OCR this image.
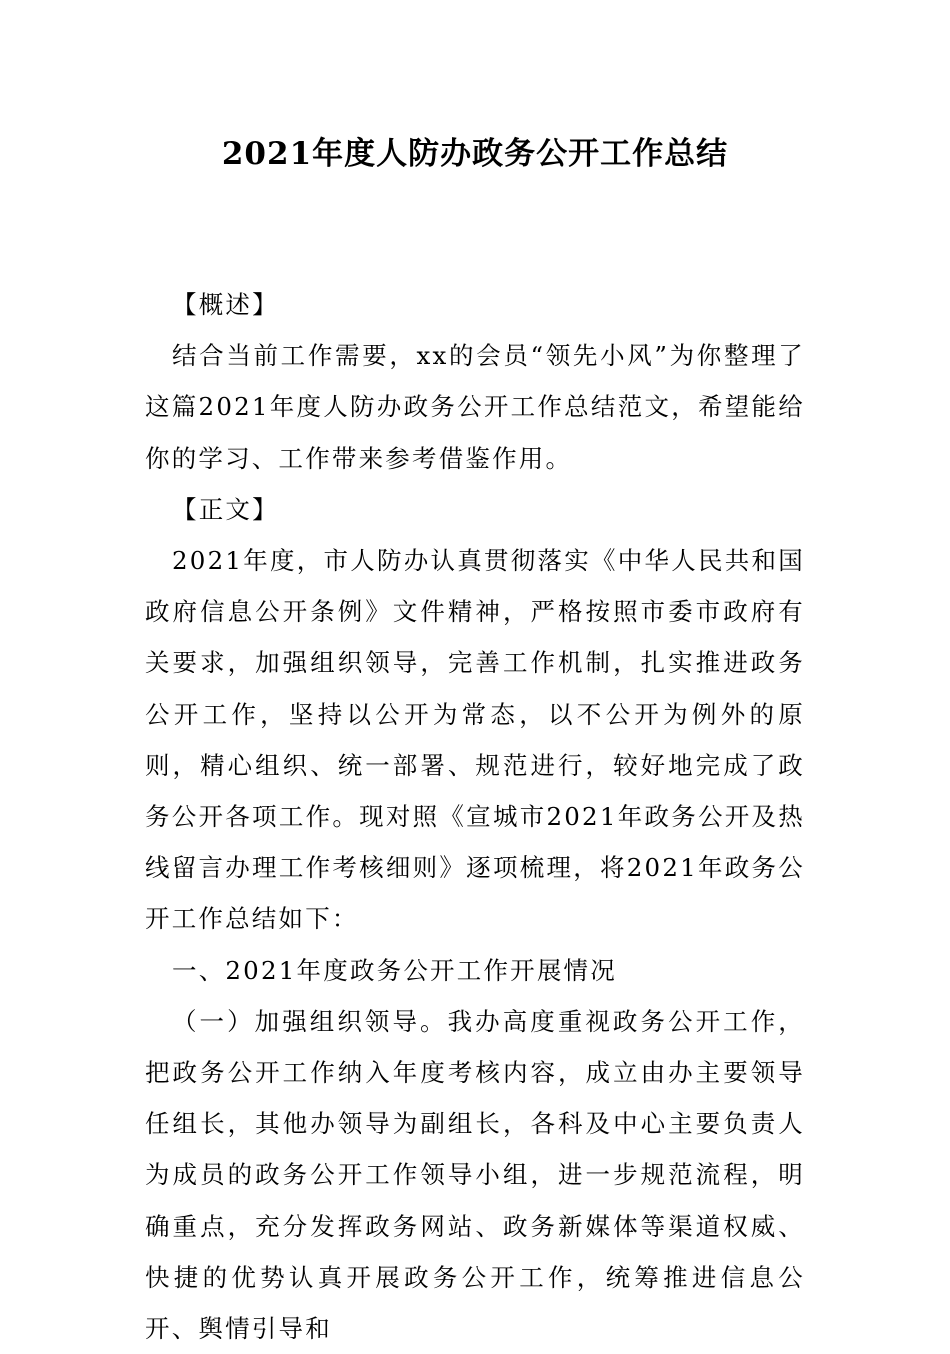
2021年度人防办政务公开工作总结

【概述】

结合当前工作需要，xx的会员“领先小风”为你整理了这篇2021年度人防办政务公开工作总结范文，希望能给你的学习、工作带来参考借鉴作用。

【正文】

2021年度，市人防办认真贯彻落实《中华人民共和国政府信息公开条例》文件精神，严格按照市委市政府有关要求，加强组织领导，完善工作机制，扎实推进政务公开工作，坚持以公开为常态，以不公开为例外的原则，精心组织、统一部署、规范进行，较好地完成了政务公开各项工作。现对照《宣城市2021年政务公开及热线留言办理工作考核细则》逐项梳理，将2021年政务公开工作总结如下：

一、2021年度政务公开工作开展情况

（一）加强组织领导。我办高度重视政务公开工作，把政务公开工作纳入年度考核内容，成立由办主要领导任组长，其他办领导为副组长，各科及中心主要负责人为成员的政务公开工作领导小组，进一步规范流程，明确重点，充分发挥政务网站、政务新媒体等渠道权威、快捷的优势认真开展政务公开工作，统筹推进信息公开、舆情引导和
